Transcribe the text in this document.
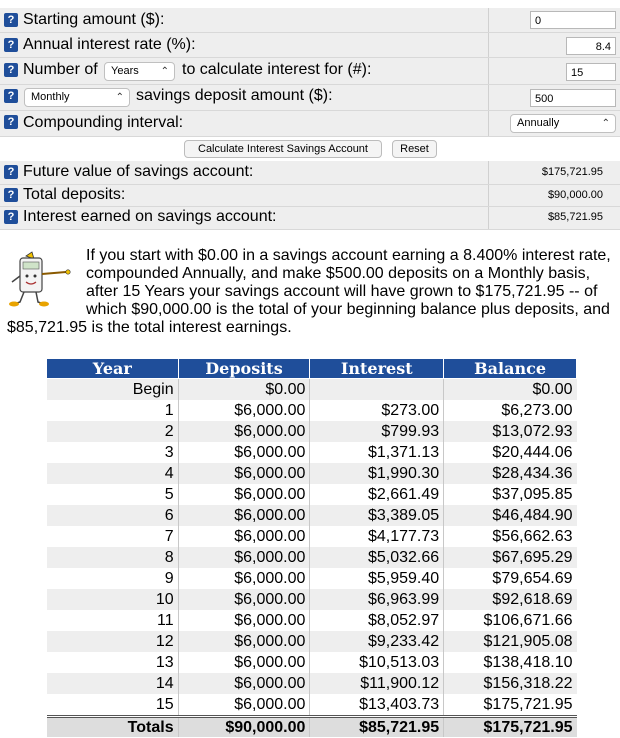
? Starting amount ($):	0
? Annual interest rate (%):	8.4
? Number of	Years ⌃ to calculate interest for (#):	15
?	Monthly	⌃ savings deposit amount ($):	500
? Compounding interval:	Annually	⌃
Calculate Interest Savings Account	Reset
? Future value of savings account:	$175,721.95
? Total deposits:	$90,000.00
? Interest earned on savings account:	$85,721.95
If you start with $0.00 in a savings account earning a 8.400% interest rate,
compounded Annually, and make $500.00 deposits on a Monthly basis,
after 15 Years your savings account will have grown to $175,721.95 -- of
which $90,000.00 is the total of your beginning balance plus deposits, and
$85,721.95 is the total interest earnings.
Year	Deposits	Interest	Balance
Begin	$0.00		$0.00
1	$6,000.00	$273.00	$6,273.00
2	$6,000.00	$799.93	$13,072.93
3	$6,000.00	$1,371.13	$20,444.06
4	$6,000.00	$1,990.30	$28,434.36
5	$6,000.00	$2,661.49	$37,095.85
6	$6,000.00	$3,389.05	$46,484.90
7	$6,000.00	$4,177.73	$56,662.63
8	$6,000.00	$5,032.66	$67,695.29
9	$6,000.00	$5,959.40	$79,654.69
10	$6,000.00	$6,963.99	$92,618.69
11	$6,000.00	$8,052.97	$106,671.66
12	$6,000.00	$9,233.42	$121,905.08
13	$6,000.00	$10,513.03	$138,418.10
14	$6,000.00	$11,900.12	$156,318.22
15	$6,000.00	$13,403.73	$175,721.95
Totals	$90,000.00	$85,721.95	$175,721.95
